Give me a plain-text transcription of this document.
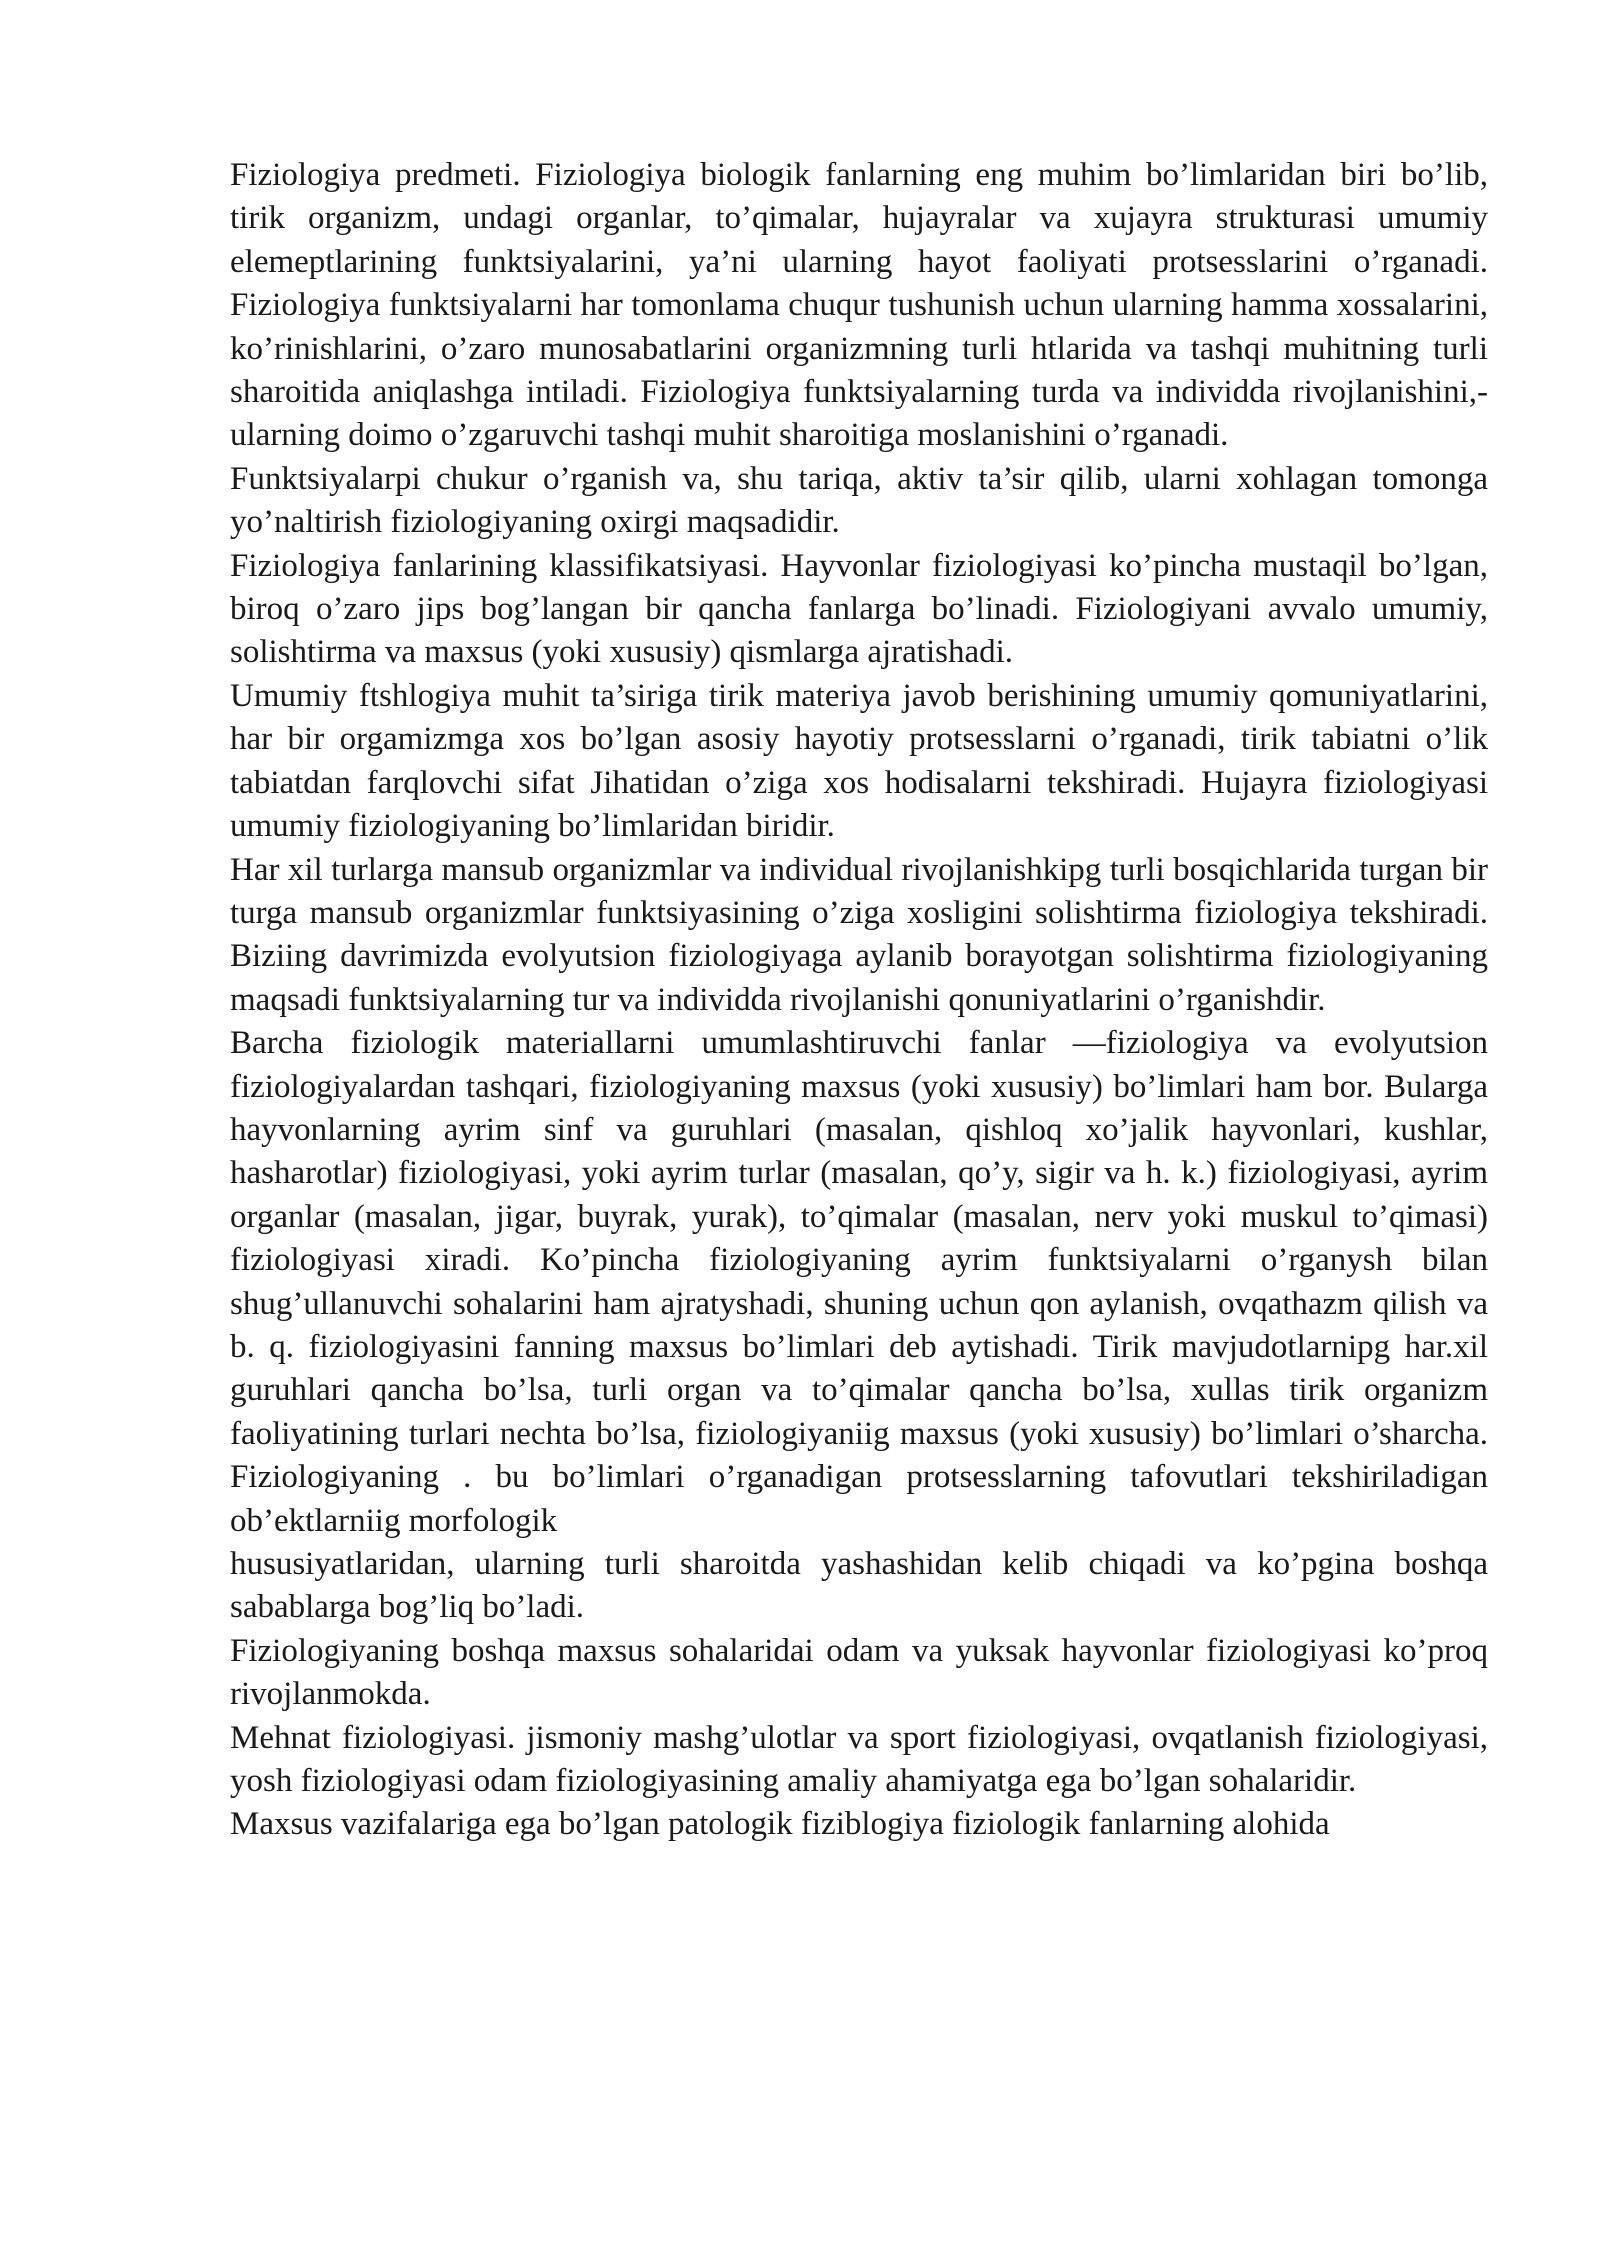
Fiziologiya predmeti. Fiziologiya biologik fanlarning eng muhim bo’limlaridan biri bo’lib, tirik organizm, undagi organlar, to’qimalar, hujayralar va xujayra strukturasi umumiy elemeptlarining funktsiyalarini, ya’ni ularning hayot faoliyati protsesslarini o’rganadi. Fiziologiya funktsiyalarni har tomonlama chuqur tushunish uchun ularning hamma xossalarini, ko’rinishlarini, o’zaro munosabatlarini organizmning turli htlarida va tashqi muhitning turli sharoitida aniqlashga intiladi. Fiziologiya funktsiyalarning turda va individda rivojlanishini,- ularning doimo o’zgaruvchi tashqi muhit sharoitiga moslanishini o’rganadi.

Funktsiyalarpi chukur o’rganish va, shu tariqa, aktiv ta’sir qilib, ularni xohlagan tomonga yo’naltirish fiziologiyaning oxirgi maqsadidir.

Fiziologiya fanlarining klassifikatsiyasi. Hayvonlar fiziologiyasi ko’pincha mustaqil bo’lgan, biroq o’zaro jips bog’langan bir qancha fanlarga bo’linadi. Fiziologiyani avvalo umumiy, solishtirma va maxsus (yoki xususiy) qismlarga ajratishadi.

Umumiy ftshlogiya muhit ta’siriga tirik materiya javob berishining umumiy qomuniyatlarini, har bir orgamizmga xos bo’lgan asosiy hayotiy protsesslarni o’rganadi, tirik tabiatni o’lik tabiatdan farqlovchi sifat Jihatidan o’ziga xos hodisalarni tekshiradi. Hujayra fiziologiyasi umumiy fiziologiyaning bo’limlaridan biridir.

Har xil turlarga mansub organizmlar va individual rivojlanishkipg turli bosqichlarida turgan bir turga mansub organizmlar funktsiyasining o’ziga xosligini solishtirma fiziologiya tekshiradi. Biziing davrimizda evolyutsion fiziologiyaga aylanib borayotgan solishtirma fiziologiyaning maqsadi funktsiyalarning tur va individda rivojlanishi qonuniyatlarini o’rganishdir.

Barcha fiziologik materiallarni umumlashtiruvchi fanlar —fiziologiya va evolyutsion fiziologiyalardan tashqari, fiziologiyaning maxsus (yoki xususiy) bo’limlari ham bor. Bularga hayvonlarning ayrim sinf va guruhlari (masalan, qishloq xo’jalik hayvonlari, kushlar, hasharotlar) fiziologiyasi, yoki ayrim turlar (masalan, qo’y, sigir va h. k.) fiziologiyasi, ayrim organlar (masalan, jigar, buyrak, yurak), to’qimalar (masalan, nerv yoki muskul to’qimasi) fiziologiyasi xiradi. Ko’pincha fiziologiyaning ayrim funktsiyalarni o’rganysh bilan shug’ullanuvchi sohalarini ham ajratyshadi, shuning uchun qon aylanish, ovqathazm qilish va b. q. fiziologiyasini fanning maxsus bo’limlari deb aytishadi. Tirik mavjudotlarnipg har.xil guruhlari qancha bo’lsa, turli organ va to’qimalar qancha bo’lsa, xullas tirik organizm faoliyatining turlari nechta bo’lsa, fiziologiyaniig maxsus (yoki xususiy) bo’limlari o’sharcha. Fiziologiyaning . bu bo’limlari o’rganadigan protsesslarning tafovutlari tekshiriladigan ob’ektlarniig morfologik

hususiyatlaridan, ularning turli sharoitda yashashidan kelib chiqadi va ko’pgina boshqa sabablarga bog’liq bo’ladi.

Fiziologiyaning boshqa maxsus sohalaridai odam va yuksak hayvonlar fiziologiyasi ko’proq rivojlanmokda.

Mehnat fiziologiyasi. jismoniy mashg’ulotlar va sport fiziologiyasi, ovqatlanish fiziologiyasi, yosh fiziologiyasi odam fiziologiyasining amaliy ahamiyatga ega bo’lgan sohalaridir.

Maxsus vazifalariga ega bo’lgan patologik fiziblogiya fiziologik fanlarning alohida
